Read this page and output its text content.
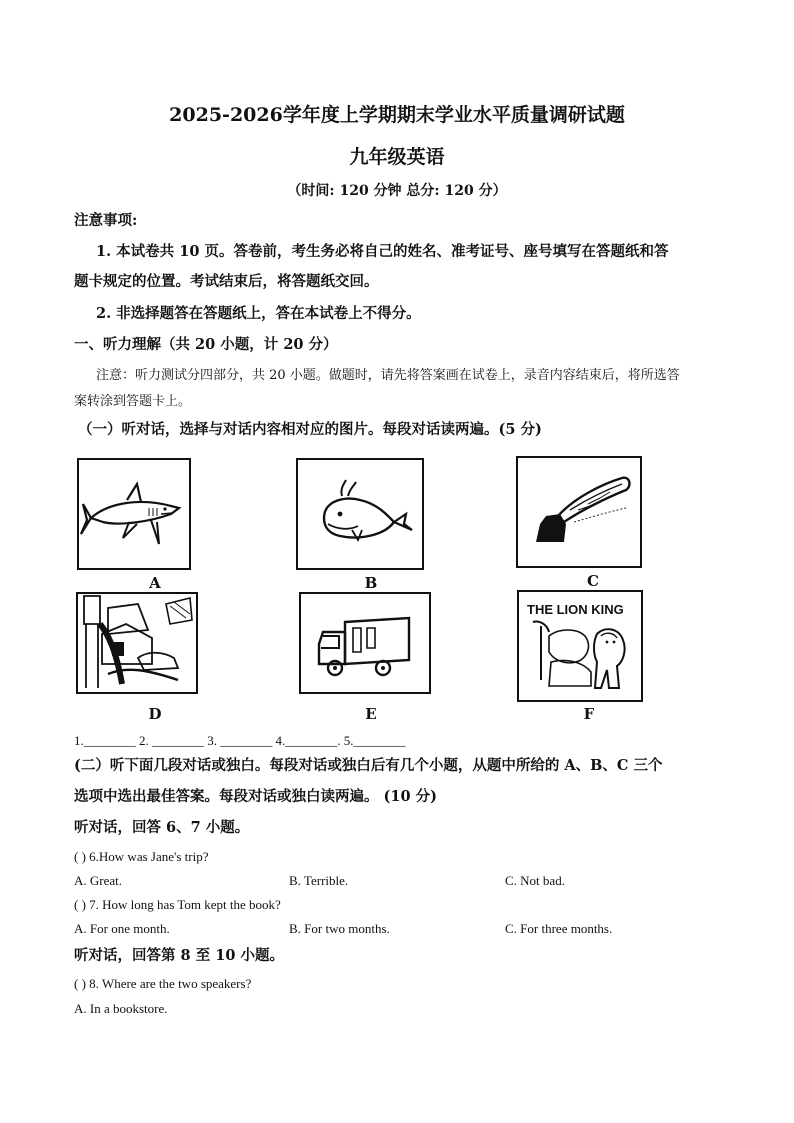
2025-2026学年度上学期期末学业水平质量调研试题
九年级英语
（时间: 120 分钟 总分: 120 分）
注意事项:
1. 本试卷共 10 页。答卷前，考生务必将自己的姓名、准考证号、座号填写在答题纸和答
题卡规定的位置。考试结束后，将答题纸交回。
2. 非选择题答在答题纸上，答在本试卷上不得分。
一、听力理解（共 20 小题，计 20 分）
注意：听力测试分四部分，共 20 小题。做题时，请先将答案画在试卷上，录音内容结束后，将所选答
案转涂到答题卡上。
（一）听对话，选择与对话内容相对应的图片。每段对话读两遍。(5 分)
A	B	C
D	E
THE LION KING
F
1.________ 2. ________ 3. ________ 4.________. 5.________
(二）听下面几段对话或独白。每段对话或独白后有几个小题，从题中所给的 A、B、C 三个
选项中选出最佳答案。每段对话或独白读两遍。 (10 分)
听对话，回答 6、7 小题。
( ) 6.How was Jane's trip?
A. Great.	B. Terrible.	C. Not bad.
( ) 7. How long has Tom kept the book?
A. For one month.	B. For two months.	C. For three months.
听对话，回答第 8 至 10 小题。
( ) 8. Where are the two speakers?
A. In a bookstore.
